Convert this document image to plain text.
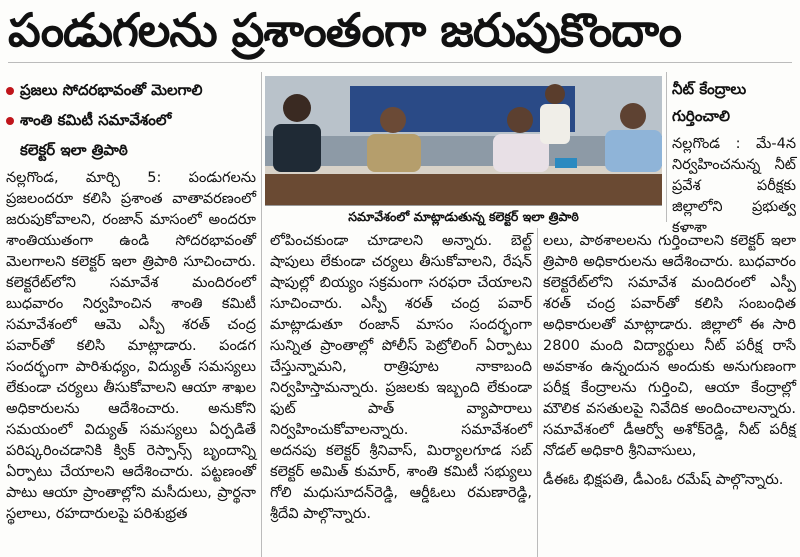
పండుగలను ప్రశాంతంగా జరుపుకొందాం
ప్రజలు సోదరభావంతో మెలగాలి
శాంతి కమిటీ సమావేశంలో
కలెక్టర్ ఇలా త్రిపాఠి

నల్లగొండ, మార్చి 5: పండుగలను ప్రజలందరూ కలిసి ప్రశాంత వాతావరణంలో జరుపుకోవాలని, రంజాన్ మాసంలో అందరూ శాంతియుతంగా ఉండి సోదరభావంతో మెలగాలని కలెక్టర్ ఇలా త్రిపాఠి సూచించారు. కలెక్టరేట్‌లోని సమావేశ మందిరంలో బుధవారం నిర్వహించిన శాంతి కమిటీ సమావేశంలో ఆమె ఎస్పీ శరత్ చంద్ర పవార్‌తో కలిసి మాట్లాడారు. పండగ సందర్భంగా పారిశుధ్యం, విద్యుత్ సమస్యలు లేకుండా చర్యలు తీసుకోవాలని ఆయా శాఖల అధికారులను ఆదేశించారు. అనుకోని సమయంలో విద్యుత్ సమస్యలు ఏర్పడితే పరిష్కరించడానికి క్విక్ రెస్పాన్స్ బృందాన్ని ఏర్పాటు చేయాలని ఆదేశించారు. పట్టణంతో పాటు ఆయా ప్రాంతాల్లోని మసీదులు, ప్రార్థనా స్థలాలు, రహదారులపై పరిశుభ్రత

సమావేశంలో మాట్లాడుతున్న కలెక్టర్ ఇలా త్రిపాఠి

లోపించకుండా చూడాలని అన్నారు. బెల్ట్ షాపులు లేకుండా చర్యలు తీసుకోవాలని, రేషన్ షాపుల్లో బియ్యం సక్రమంగా సరఫరా చేయాలని సూచించారు. ఎస్పీ శరత్ చంద్ర పవార్ మాట్లాడుతూ రంజాన్ మాసం సందర్భంగా సున్నిత ప్రాంతాల్లో పోలీస్ పెట్రోలింగ్ ఏర్పాటు చేస్తున్నామని, రాత్రిపూట నాకాబంది నిర్వహిస్తామన్నారు. ప్రజలకు ఇబ్బంది లేకుండా ఫుట్ పాత్ వ్యాపారాలు నిర్వహించుకోవాలన్నారు. సమావేశంలో అదనపు కలెక్టర్ శ్రీనివాస్, మిర్యాలగూడ సబ్ కలెక్టర్ అమిత్ కుమార్, శాంతి కమిటీ సభ్యులు గోలి మధుసూదన్‌రెడ్డి, ఆర్డీఓలు రమణారెడ్డి, శ్రీదేవి పాల్గొన్నారు.

నీట్ కేంద్రాలు గుర్తించాలి

నల్లగొండ : మే-4న నిర్వహించనున్న నీట్ ప్రవేశ పరీక్షకు జిల్లాలోని ప్రభుత్వ కళాశా

లలు, పాఠశాలలను గుర్తించాలని కలెక్టర్ ఇలా త్రిపాఠి అధికారులను ఆదేశించారు. బుధవారం కలెక్టరేట్‌లోని సమావేశ మందిరంలో ఎస్పీ శరత్ చంద్ర పవార్‌తో కలిసి సంబంధిత అధికారులతో మాట్లాడారు. జిల్లాలో ఈ సారి 2800 మంది విద్యార్థులు నీట్ పరీక్ష రాసే అవకాశం ఉన్నందున అందుకు అనుగుణంగా పరీక్ష కేంద్రాలను గుర్తించి, ఆయా కేంద్రాల్లో మౌలిక వసతులపై నివేదిక అందించాలన్నారు. సమావేశంలో డీఆర్వో అశోక్‌రెడ్డి, నీట్ పరీక్ష నోడల్ అధికారి శ్రీనివాసులు,

డీఈఓ భిక్షపతి, డీఎంఓ రమేష్ పాల్గొన్నారు.
